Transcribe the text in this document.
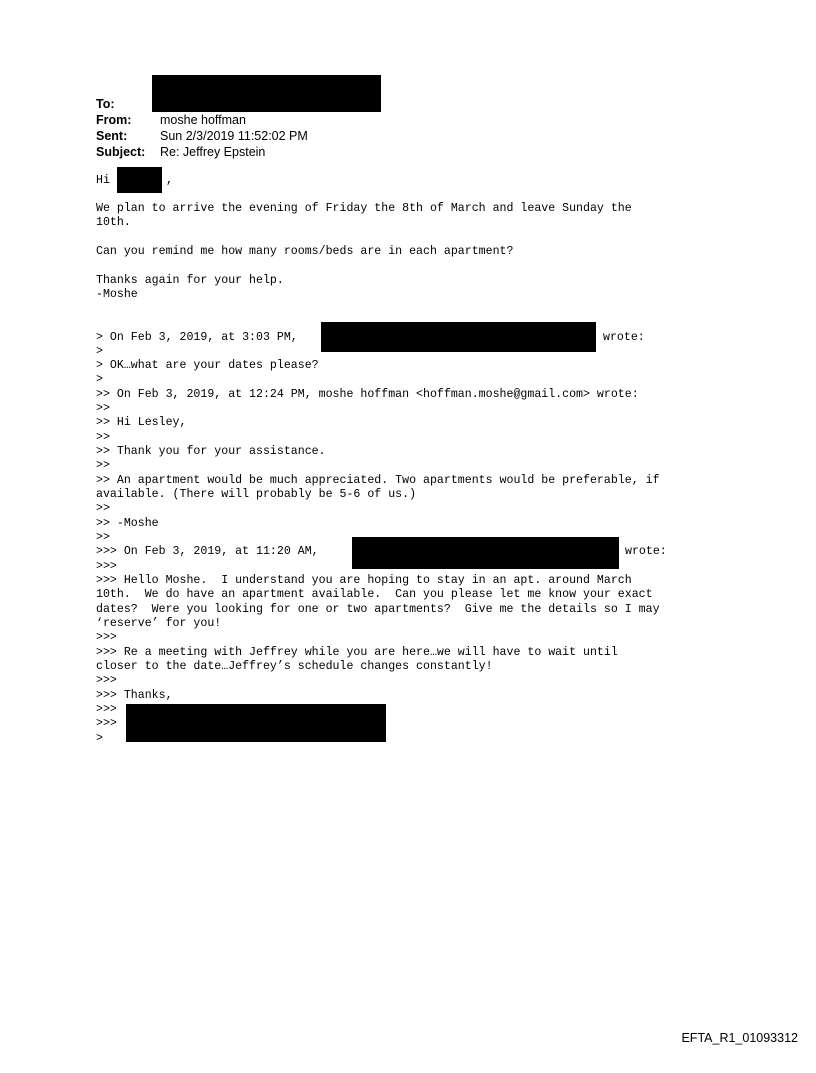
To:
From: moshe hoffman
Sent:	Sun 2/3/2019 11:52:02 PM
Subject: Re: Jeffrey Epstein
Hi	,
We plan to arrive the evening of Friday the 8th of March and leave Sunday the
10th.
Can you remind me how many rooms/beds are in each apartment?
Thanks again for your help.
-Moshe
> On Feb 3, 2019, at 3:03 PM,	wrote:
>
> OK…what are your dates please?
>
>> On Feb 3, 2019, at 12:24 PM, moshe hoffman <hoffman.moshe@gmail.com> wrote:
>>
>> Hi Lesley,
>>
>> Thank you for your assistance.
>>
>> An apartment would be much appreciated. Two apartments would be preferable, if
available. (There will probably be 5-6 of us.)
>>
>> -Moshe
>>
>>> On Feb 3, 2019, at 11:20 AM,	wrote:
>>>
>>> Hello Moshe.  I understand you are hoping to stay in an apt. around March
10th.  We do have an apartment available.  Can you please let me know your exact
dates?  Were you looking for one or two apartments?  Give me the details so I may
‘reserve’ for you!
>>>
>>> Re a meeting with Jeffrey while you are here…we will have to wait until
closer to the date…Jeffrey’s schedule changes constantly!
>>>
>>> Thanks,
>>>
>>>
>
EFTA_R1_01093312
